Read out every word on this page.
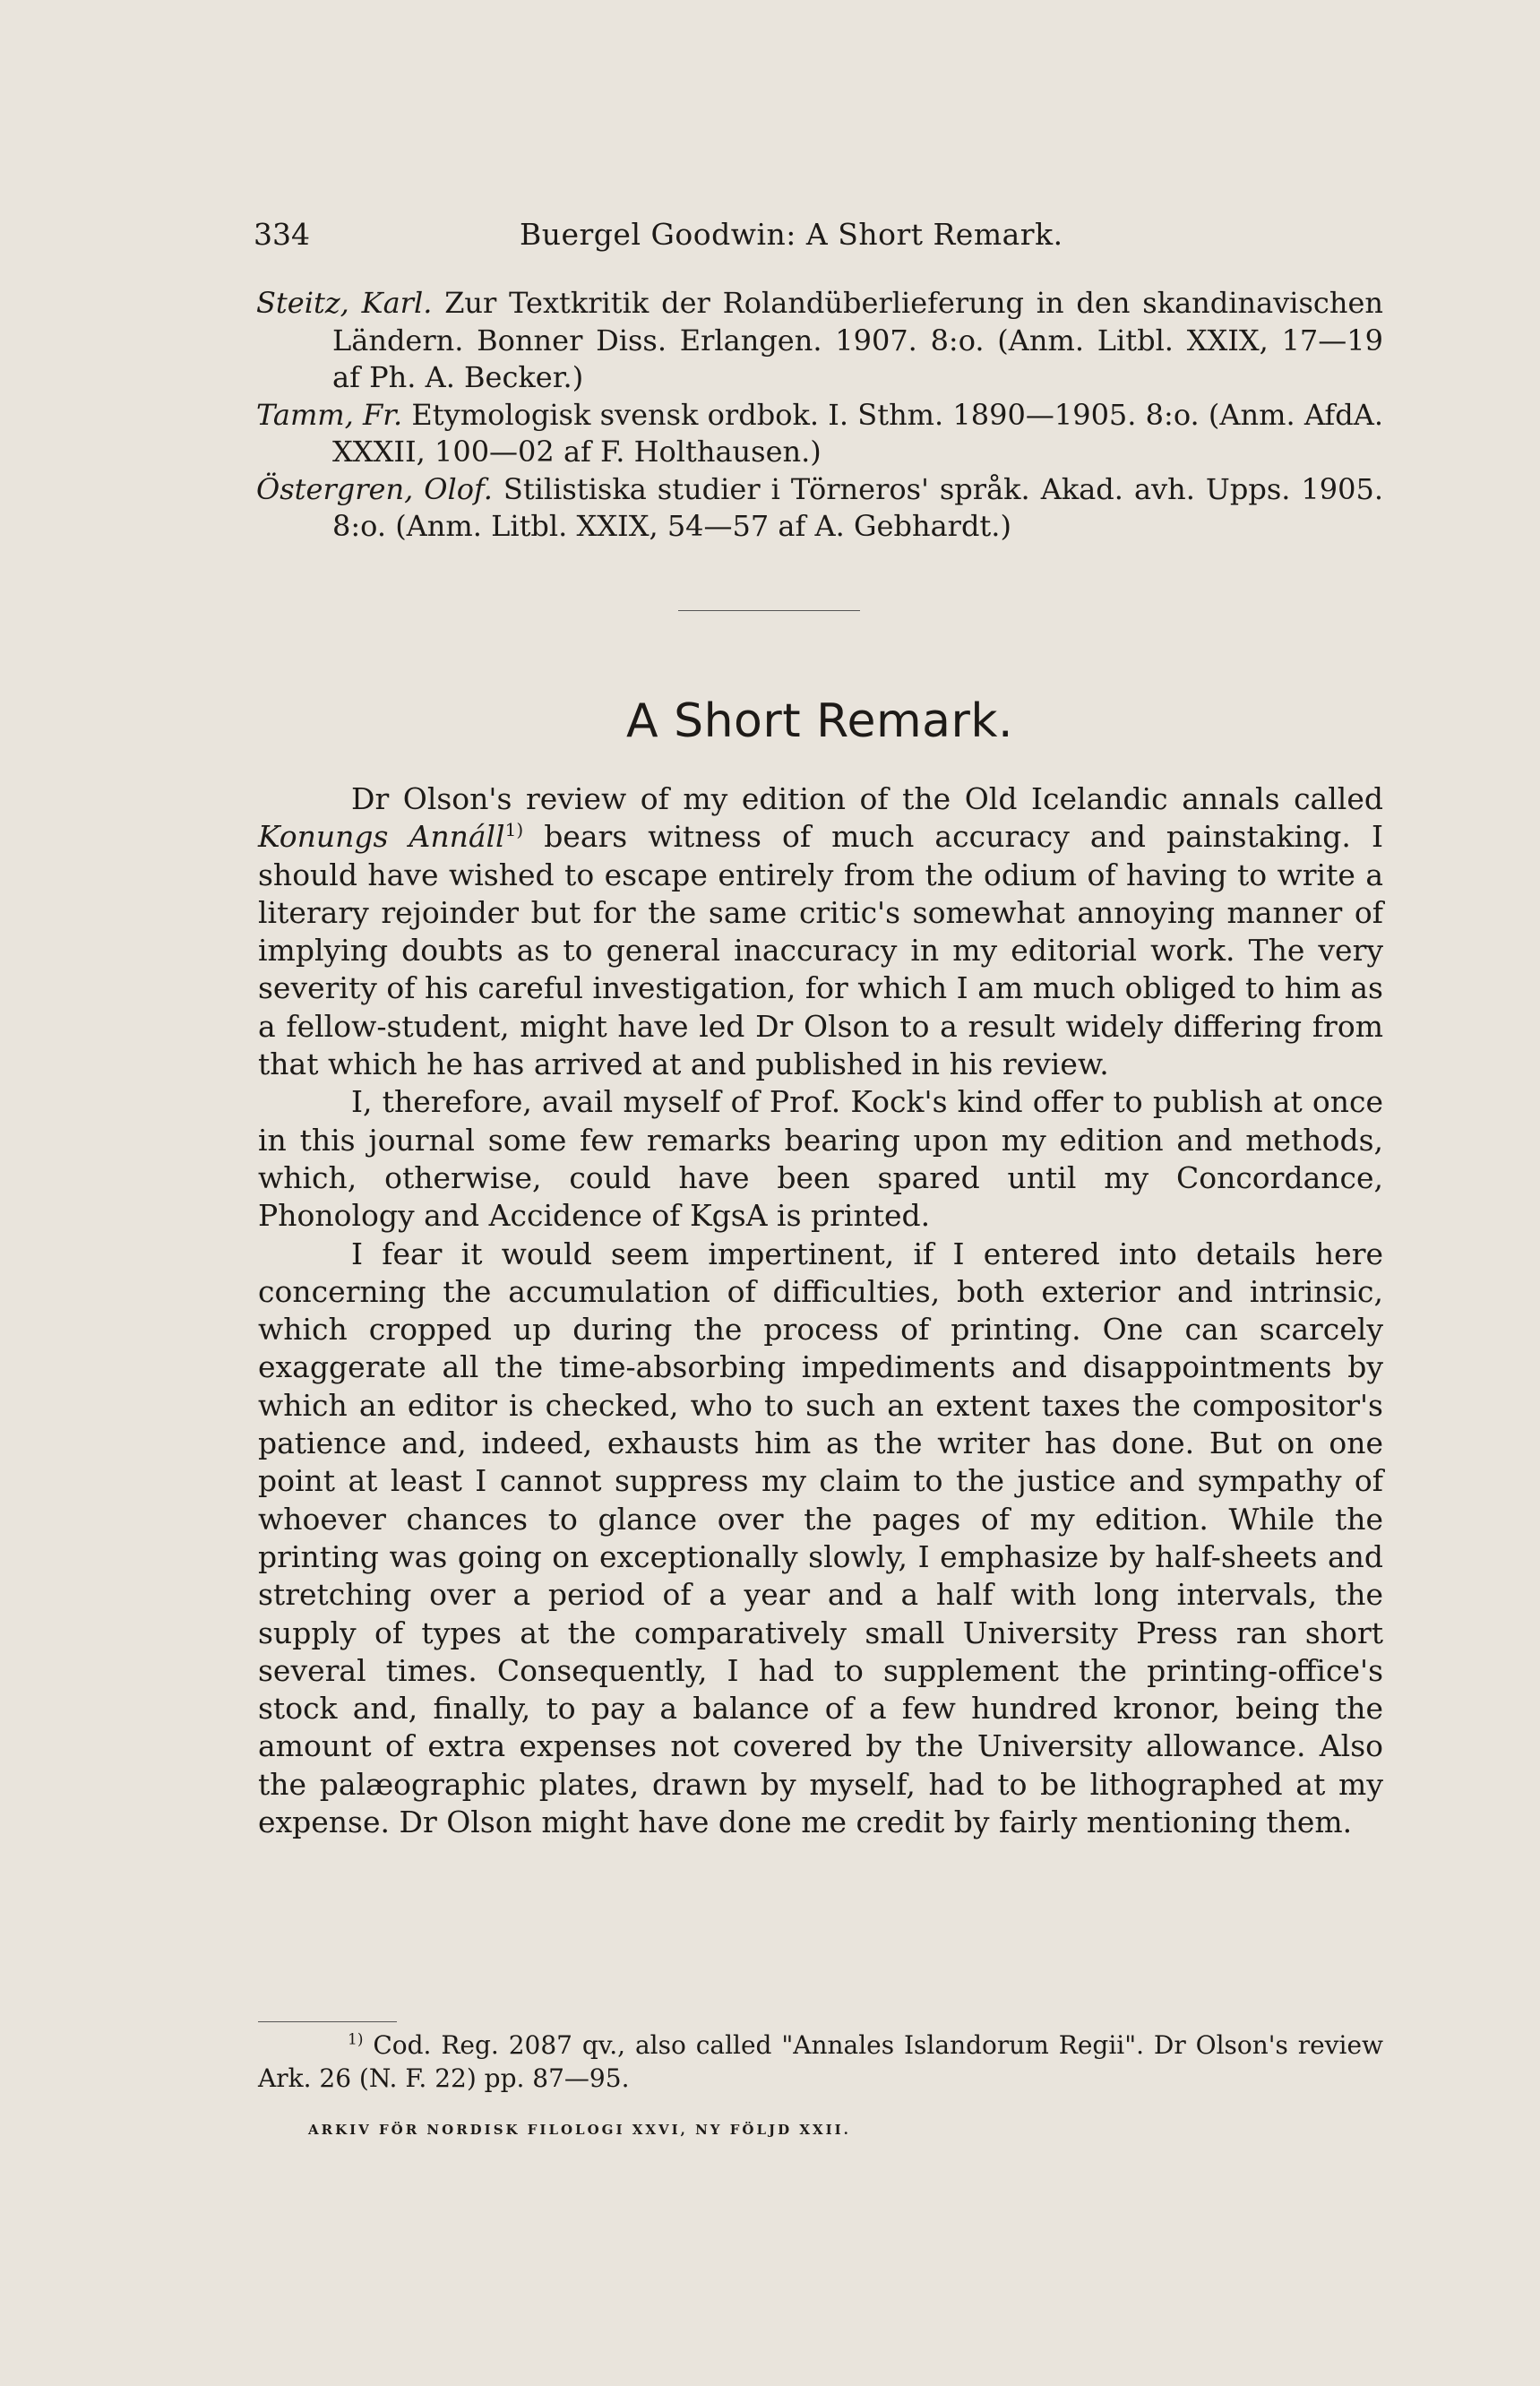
334	Buergel Goodwin: A Short Remark.

Steitz, Karl. Zur Textkritik der Rolandüberlieferung in den skandinavischen Ländern. Bonner Diss. Erlangen. 1907. 8:o. (Anm. Litbl. XXIX, 17—19 af Ph. A. Becker.)

Tamm, Fr. Etymologisk svensk ordbok. I. Sthm. 1890—1905. 8:o. (Anm. AfdA. XXXII, 100—02 af F. Holthausen.)

Östergren, Olof. Stilistiska studier i Törneros' språk. Akad. avh. Upps. 1905. 8:o. (Anm. Litbl. XXIX, 54—57 af A. Gebhardt.)

A Short Remark.

Dr Olson's review of my edition of the Old Icelandic annals called Konungs Annáll$^{1)}$ bears witness of much accuracy and painstaking. I should have wished to escape entirely from the odium of having to write a literary rejoinder but for the same critic's somewhat annoying manner of implying doubts as to general inaccuracy in my editorial work. The very severity of his careful investigation, for which I am much obliged to him as a fellow-student, might have led Dr Olson to a result widely differing from that which he has arrived at and published in his review.

I, therefore, avail myself of Prof. Kock's kind offer to publish at once in this journal some few remarks bearing upon my edition and methods, which, otherwise, could have been spared until my Concordance, Phonology and Accidence of KgsA is printed.

I fear it would seem impertinent, if I entered into details here concerning the accumulation of difficulties, both exterior and intrinsic, which cropped up during the process of printing. One can scarcely exaggerate all the time-absorbing impediments and disappointments by which an editor is checked, who to such an extent taxes the compositor's patience and, indeed, exhausts him as the writer has done. But on one point at least I cannot suppress my claim to the justice and sympathy of whoever chances to glance over the pages of my edition. While the printing was going on exceptionally slowly, I emphasize by half-sheets and stretching over a period of a year and a half with long intervals, the supply of types at the comparatively small University Press ran short several times. Consequently, I had to supplement the printing-office's stock and, finally, to pay a balance of a few hundred kronor, being the amount of extra expenses not covered by the University allowance. Also the palæographic plates, drawn by myself, had to be lithographed at my expense. Dr Olson might have done me credit by fairly mentioning them.

$^{1)}$ Cod. Reg. 2087 qv., also called "Annales Islandorum Regii". Dr Olson's review Ark. 26 (N. F. 22) pp. 87—95.

ARKIV FÖR NORDISK FILOLOGI XXVI, NY FÖLJD XXII.
